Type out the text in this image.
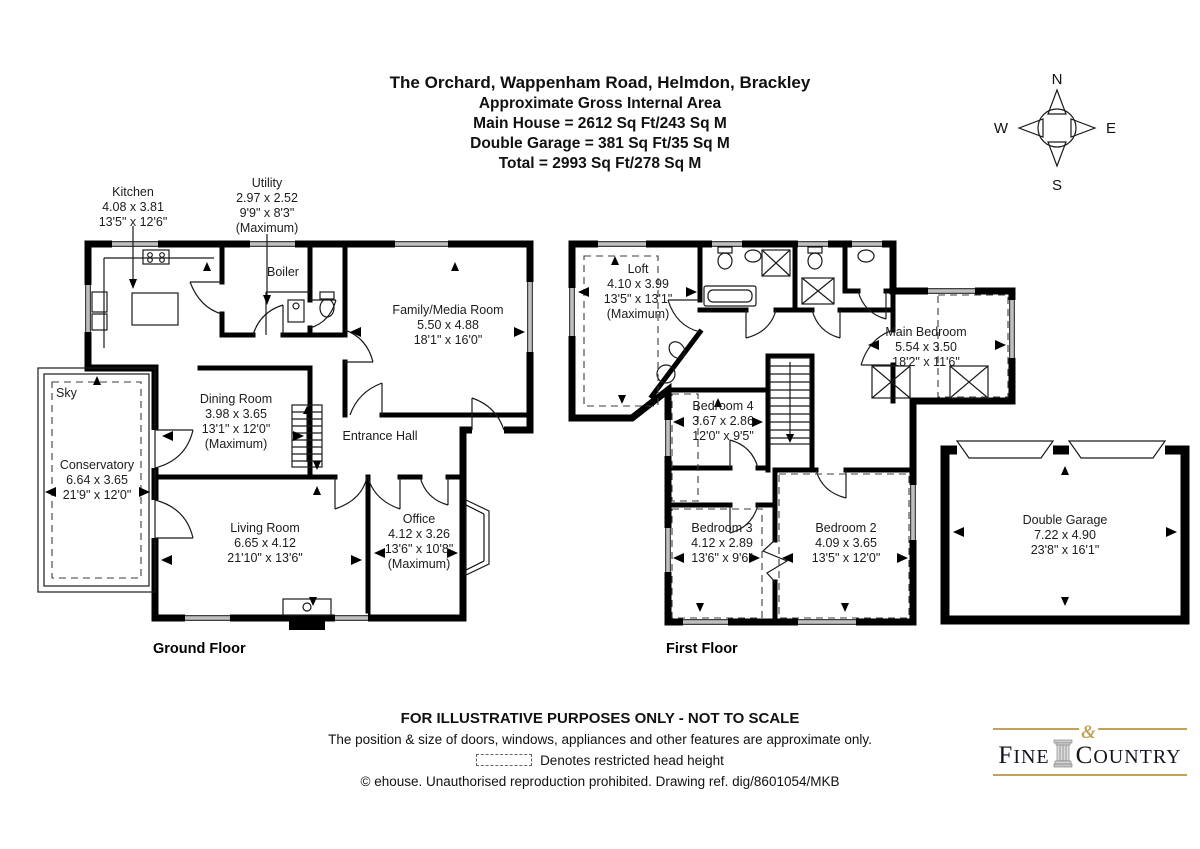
N
S
W	E
The Orchard, Wappenham Road, Helmdon, Brackley
Approximate Gross Internal Area
Main House = 2612 Sq Ft/243 Sq M
Double Garage = 381 Sq Ft/35 Sq M
Total = 2993 Sq Ft/278 Sq M
Kitchen
4.08 x 3.81
13'5" x 12'6"
Utility
2.97 x 2.52
9'9" x 8'3"
(Maximum)
Boiler
Family/Media Room
5.50 x 4.88
18'1" x 16'0"
Sky	Dining Room
3.98 x 3.65
13'1" x 12'0"
(Maximum)
Entrance Hall
Conservatory
6.64 x 3.65
21'9" x 12'0"
Living Room
6.65 x 4.12
21'10" x 13'6"
Office
4.12 x 3.26
13'6" x 10'8"
(Maximum)
Loft
4.10 x 3.99
13'5" x 13'1"
(Maximum)
Main Bedroom
5.54 x 3.50
18'2" x 11'6"
Bedroom 4
3.67 x 2.86
12'0" x 9'5"
Bedroom 3
4.12 x 2.89
13'6" x 9'6"
Bedroom 2
4.09 x 3.65
13'5" x 12'0"
Double Garage
7.22 x 4.90
23'8" x 16'1"
Ground Floor	First Floor
FOR ILLUSTRATIVE PURPOSES ONLY - NOT TO SCALE
The position & size of doors, windows, appliances and other features are approximate only.
Denotes restricted head height
© ehouse. Unauthorised reproduction prohibited. Drawing ref. dig/8601054/MKB
FINE COUNTRY
&
